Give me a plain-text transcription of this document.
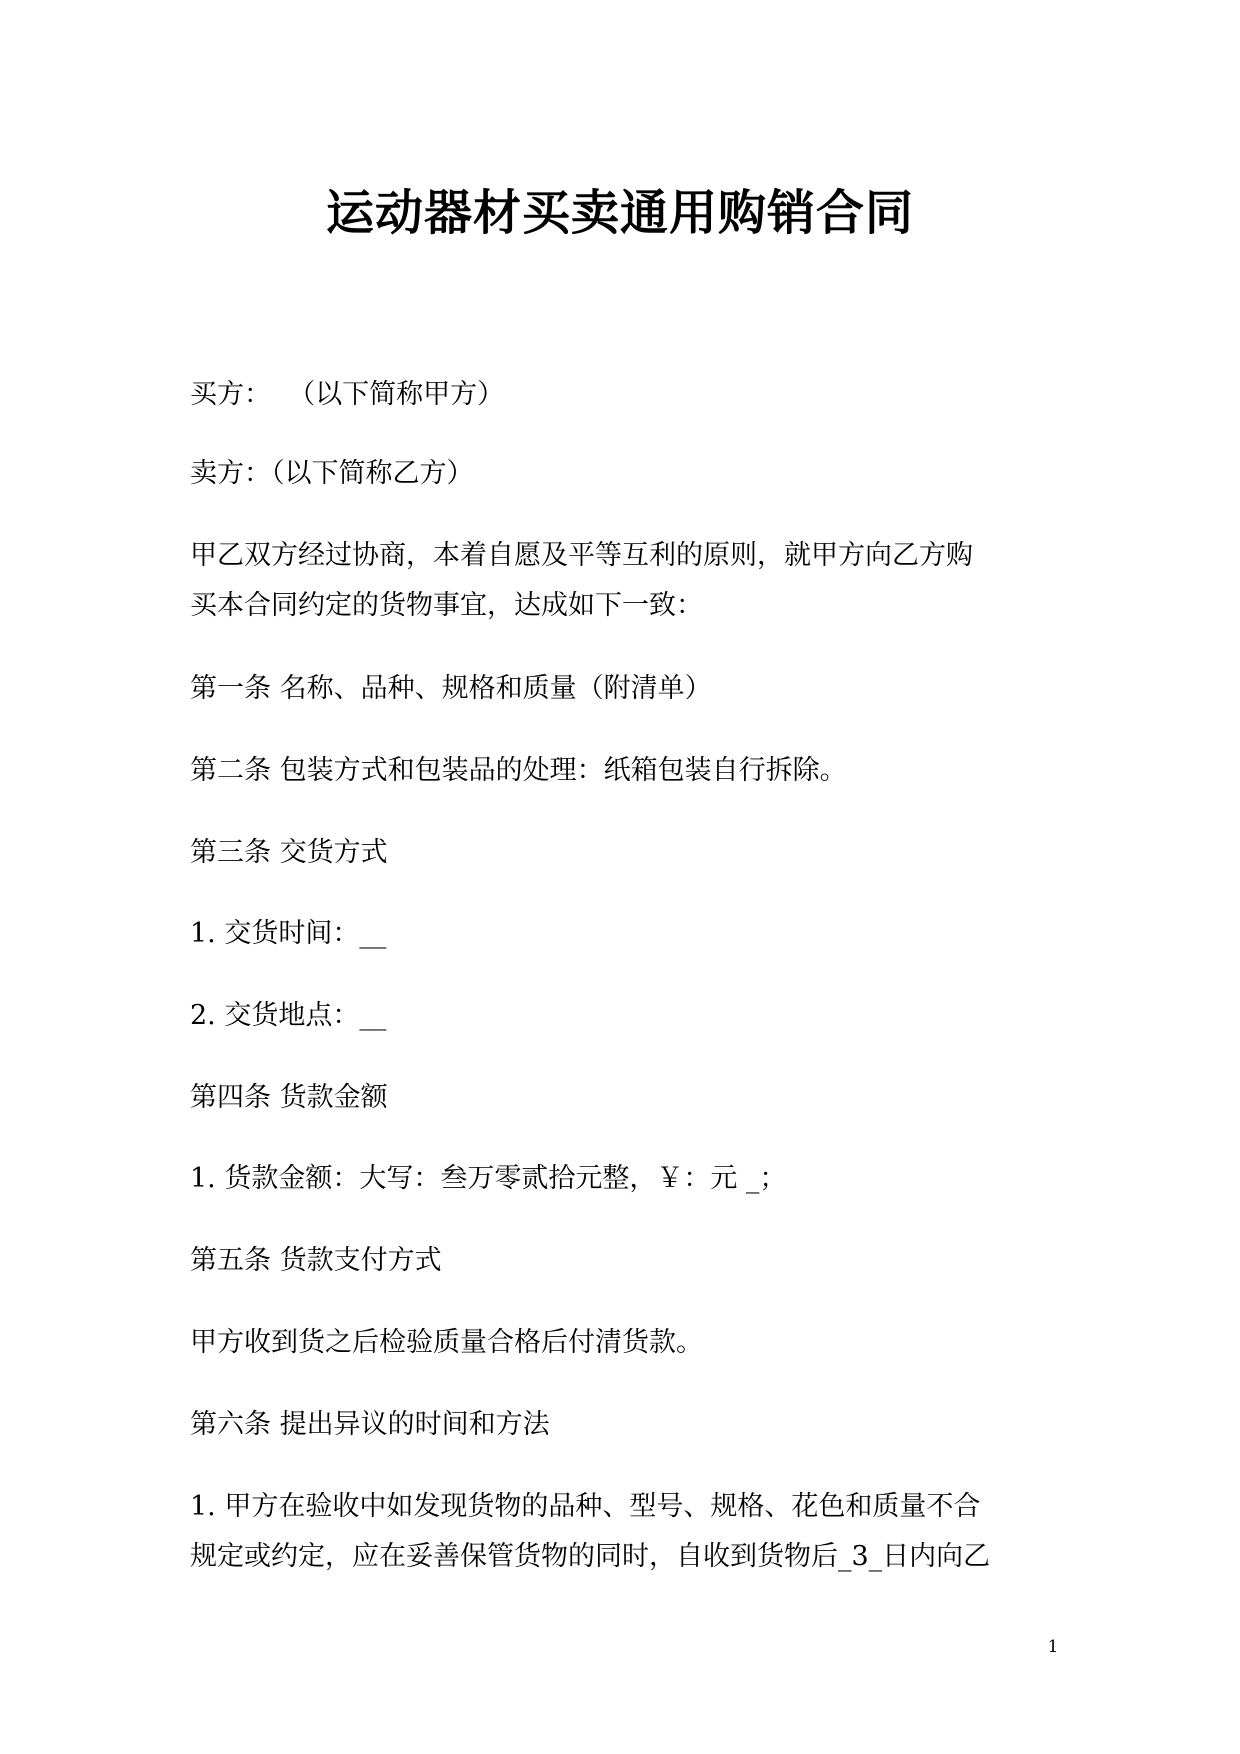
运动器材买卖通用购销合同

买方：  （以下简称甲方）

卖方：（以下简称乙方）

甲乙双方经过协商，本着自愿及平等互利的原则，就甲方向乙方购

买本合同约定的货物事宜，达成如下一致：

第一条 名称、品种、规格和质量（附清单）

第二条 包装方式和包装品的处理：纸箱包装自行拆除。

第三条 交货方式

1. 交货时间：__

2. 交货地点：__

第四条 货款金额

1. 货款金额：大写：叁万零贰拾元整，￥：元 _；

第五条 货款支付方式

甲方收到货之后检验质量合格后付清货款。

第六条 提出异议的时间和方法

1. 甲方在验收中如发现货物的品种、型号、规格、花色和质量不合

规定或约定，应在妥善保管货物的同时，自收到货物后_3_日内向乙

1
